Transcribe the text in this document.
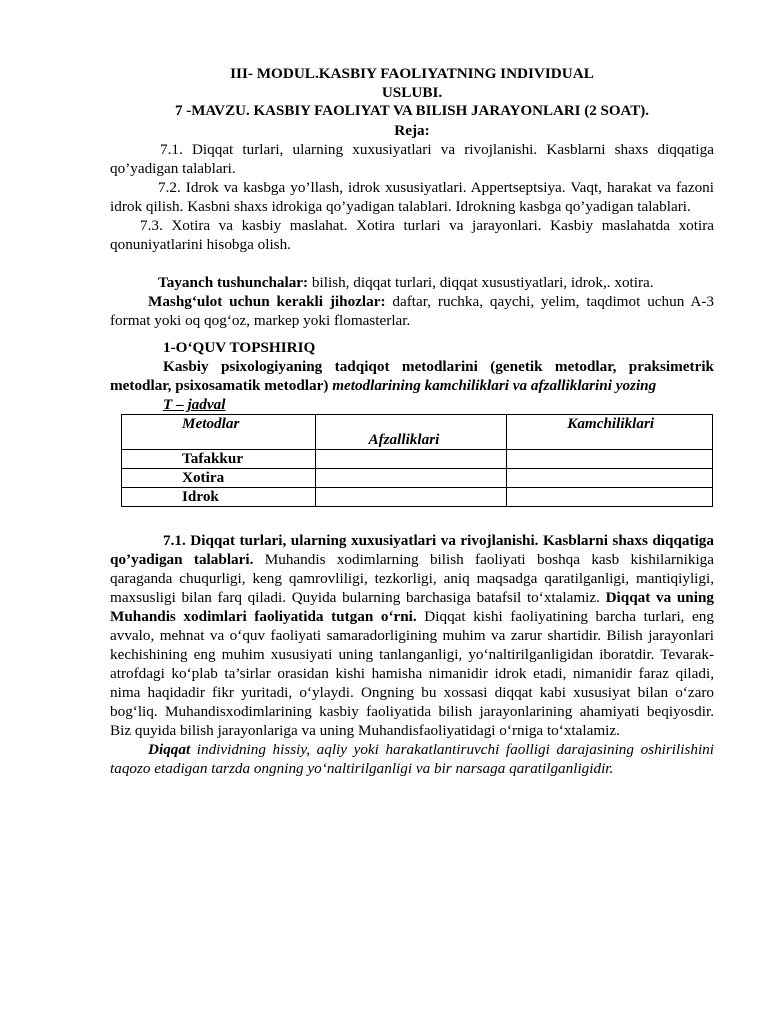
III- MODUL.KASBIY FAOLIYATNING INDIVIDUAL

USLUBI.

7 -MAVZU. KASBIY FAOLIYAT VA BILISH JARAYONLARI (2 SOAT).

Reja:

7.1. Diqqat turlari, ularning xuxusiyatlari va rivojlanishi. Kasblarni shaxs diqqatiga qo’yadigan talablari.

7.2. Idrok va kasbga yo’llash, idrok xususiyatlari. Appertseptsiya. Vaqt, harakat va fazoni idrok qilish. Kasbni shaxs idrokiga qo’yadigan talablari. Idrokning kasbga qo’yadigan talablari.

7.3. Xotira va kasbiy maslahat. Xotira turlari va jarayonlari. Kasbiy maslahatda xotira qonuniyatlarini hisobga olish.

Tayanch tushunchalar: bilish, diqqat turlari, diqqat xusustiyatlari, idrok,. xotira.

Mashg‘ulot uchun kerakli jihozlar: daftar, ruchka, qaychi, yelim, taqdimot uchun A-3 format yoki oq qog‘oz, markep yoki flomasterlar.

1-O‘QUV TOPSHIRIQ

Kasbiy psixologiyaning tadqiqot metodlarini (genetik metodlar, praksimetrik metodlar, psixosamatik metodlar) metodlarining kamchiliklari va afzalliklarini yozing

T – jadval

Metodlar	Afzalliklari	Kamchiliklari
Tafakkur		
Xotira		
Idrok		

7.1. Diqqat turlari, ularning xuxusiyatlari va rivojlanishi. Kasblarni shaxs diqqatiga qo’yadigan talablari. Muhandis xodimlarning bilish faoliyati boshqa kasb kishilarnikiga qaraganda chuqurligi, keng qamrovliligi, tezkorligi, aniq maqsadga qaratilganligi, mantiqiyligi, maxsusligi bilan farq qiladi. Quyida bularning barchasiga batafsil to‘xtalamiz. Diqqat va uning Muhandis xodimlari faoliyatida tutgan o‘rni. Diqqat kishi faoliyatining barcha turlari, eng avvalo, mehnat va o‘quv faoliyati samaradorligining muhim va zarur shartidir. Bilish jarayonlari kechishining eng muhim xususiyati uning tanlanganligi, yo‘naltirilganligidan iboratdir. Tevarak-atrofdagi ko‘plab ta’sirlar orasidan kishi hamisha nimanidir idrok etadi, nimanidir faraz qiladi, nima haqidadir fikr yuritadi, o‘ylaydi. Ongning bu xossasi diqqat kabi xususiyat bilan o‘zaro bog‘liq. Muhandisxodimlarining kasbiy faoliyatida bilish jarayonlarining ahamiyati beqiyosdir. Biz quyida bilish jarayonlariga va uning Muhandisfaoliyatidagi o‘rniga to‘xtalamiz.

Diqqat individning hissiy, aqliy yoki harakatlantiruvchi faolligi darajasining oshirilishini taqozo etadigan tarzda ongning yo‘naltirilganligi va bir narsaga qaratilganligidir.
